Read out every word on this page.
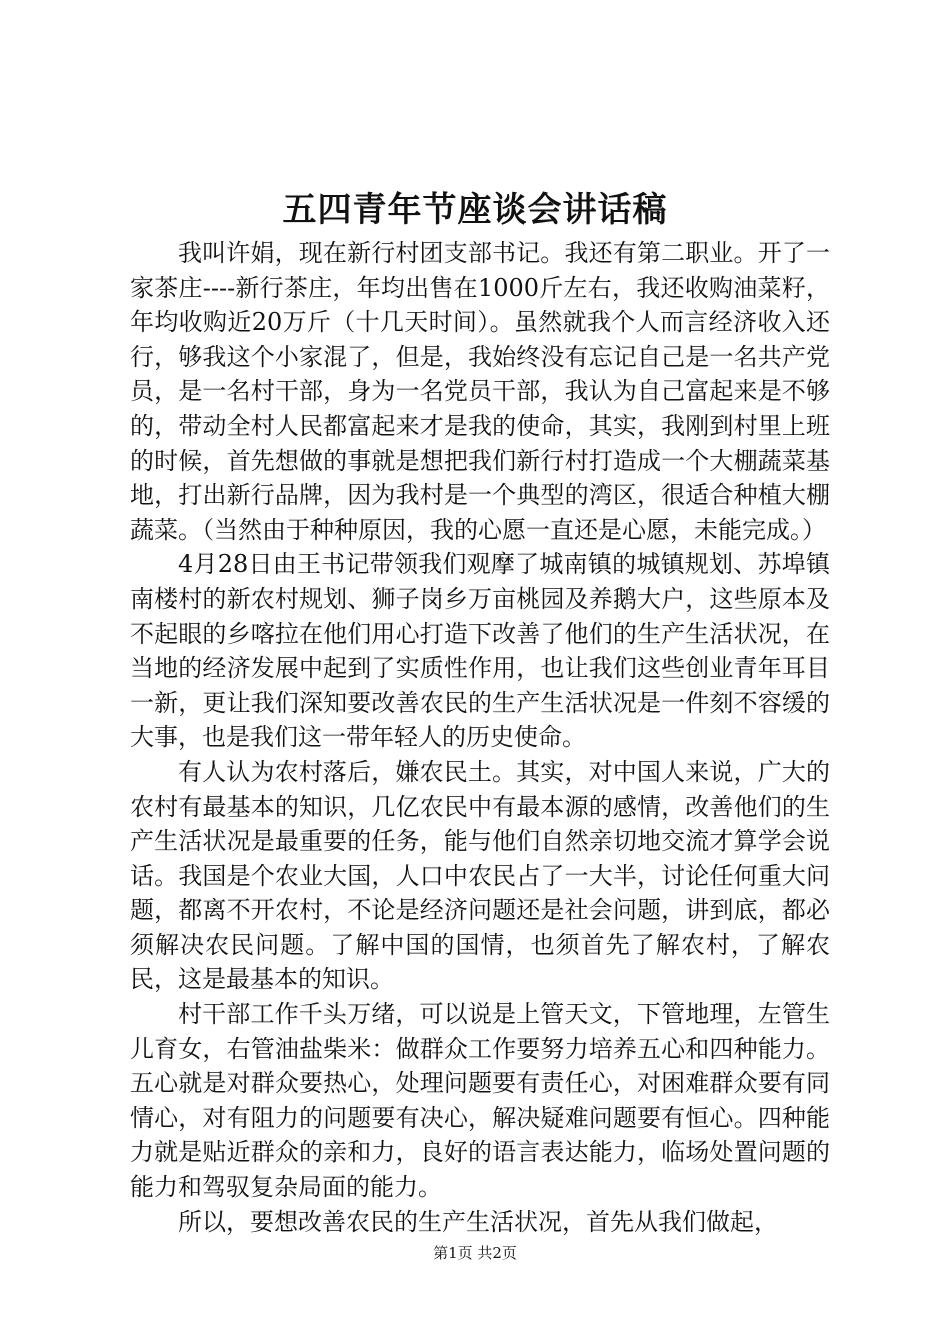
五四青年节座谈会讲话稿

我叫许娟，现在新行村团支部书记。我还有第二职业。开了一家茶庄----新行茶庄，年均出售在1000斤左右，我还收购油菜籽，年均收购近20万斤（十几天时间）。虽然就我个人而言经济收入还行，够我这个小家混了，但是，我始终没有忘记自己是一名共产党员，是一名村干部，身为一名党员干部，我认为自己富起来是不够的，带动全村人民都富起来才是我的使命，其实，我刚到村里上班的时候，首先想做的事就是想把我们新行村打造成一个大棚蔬菜基地，打出新行品牌，因为我村是一个典型的湾区，很适合种植大棚蔬菜。（当然由于种种原因，我的心愿一直还是心愿，未能完成。）

4月28日由王书记带领我们观摩了城南镇的城镇规划、苏埠镇南楼村的新农村规划、狮子岗乡万亩桃园及养鹅大户，这些原本及不起眼的乡喀拉在他们用心打造下改善了他们的生产生活状况，在当地的经济发展中起到了实质性作用，也让我们这些创业青年耳目一新，更让我们深知要改善农民的生产生活状况是一件刻不容缓的大事，也是我们这一带年轻人的历史使命。

有人认为农村落后，嫌农民土。其实，对中国人来说，广大的农村有最基本的知识，几亿农民中有最本源的感情，改善他们的生产生活状况是最重要的任务，能与他们自然亲切地交流才算学会说话。我国是个农业大国，人口中农民占了一大半，讨论任何重大问题，都离不开农村，不论是经济问题还是社会问题，讲到底，都必须解决农民问题。了解中国的国情，也须首先了解农村，了解农民，这是最基本的知识。

村干部工作千头万绪，可以说是上管天文，下管地理，左管生儿育女，右管油盐柴米：做群众工作要努力培养五心和四种能力。五心就是对群众要热心，处理问题要有责任心，对困难群众要有同情心，对有阻力的问题要有决心，解决疑难问题要有恒心。四种能力就是贴近群众的亲和力，良好的语言表达能力，临场处置问题的能力和驾驭复杂局面的能力。

所以，要想改善农民的生产生活状况，首先从我们做起，

第1页 共2页
